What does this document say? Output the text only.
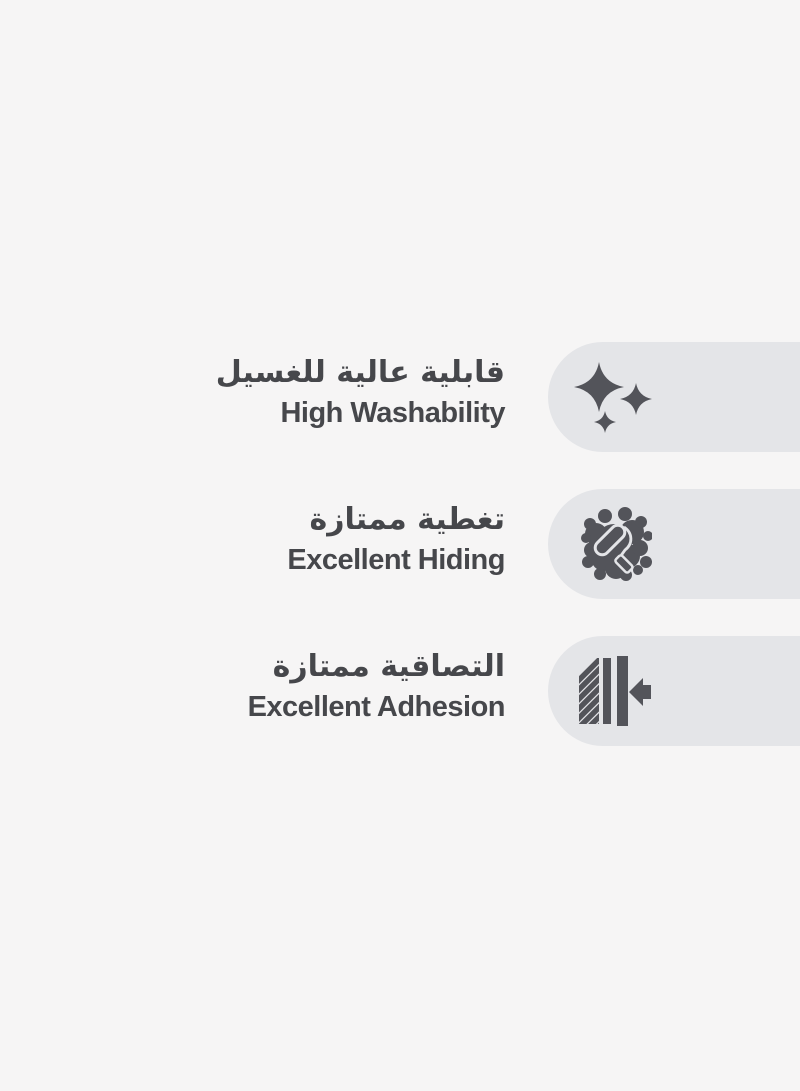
قابلية عالية للغسيل
High Washability
تغطية ممتازة
Excellent Hiding
التصاقية ممتازة
Excellent Adhesion
